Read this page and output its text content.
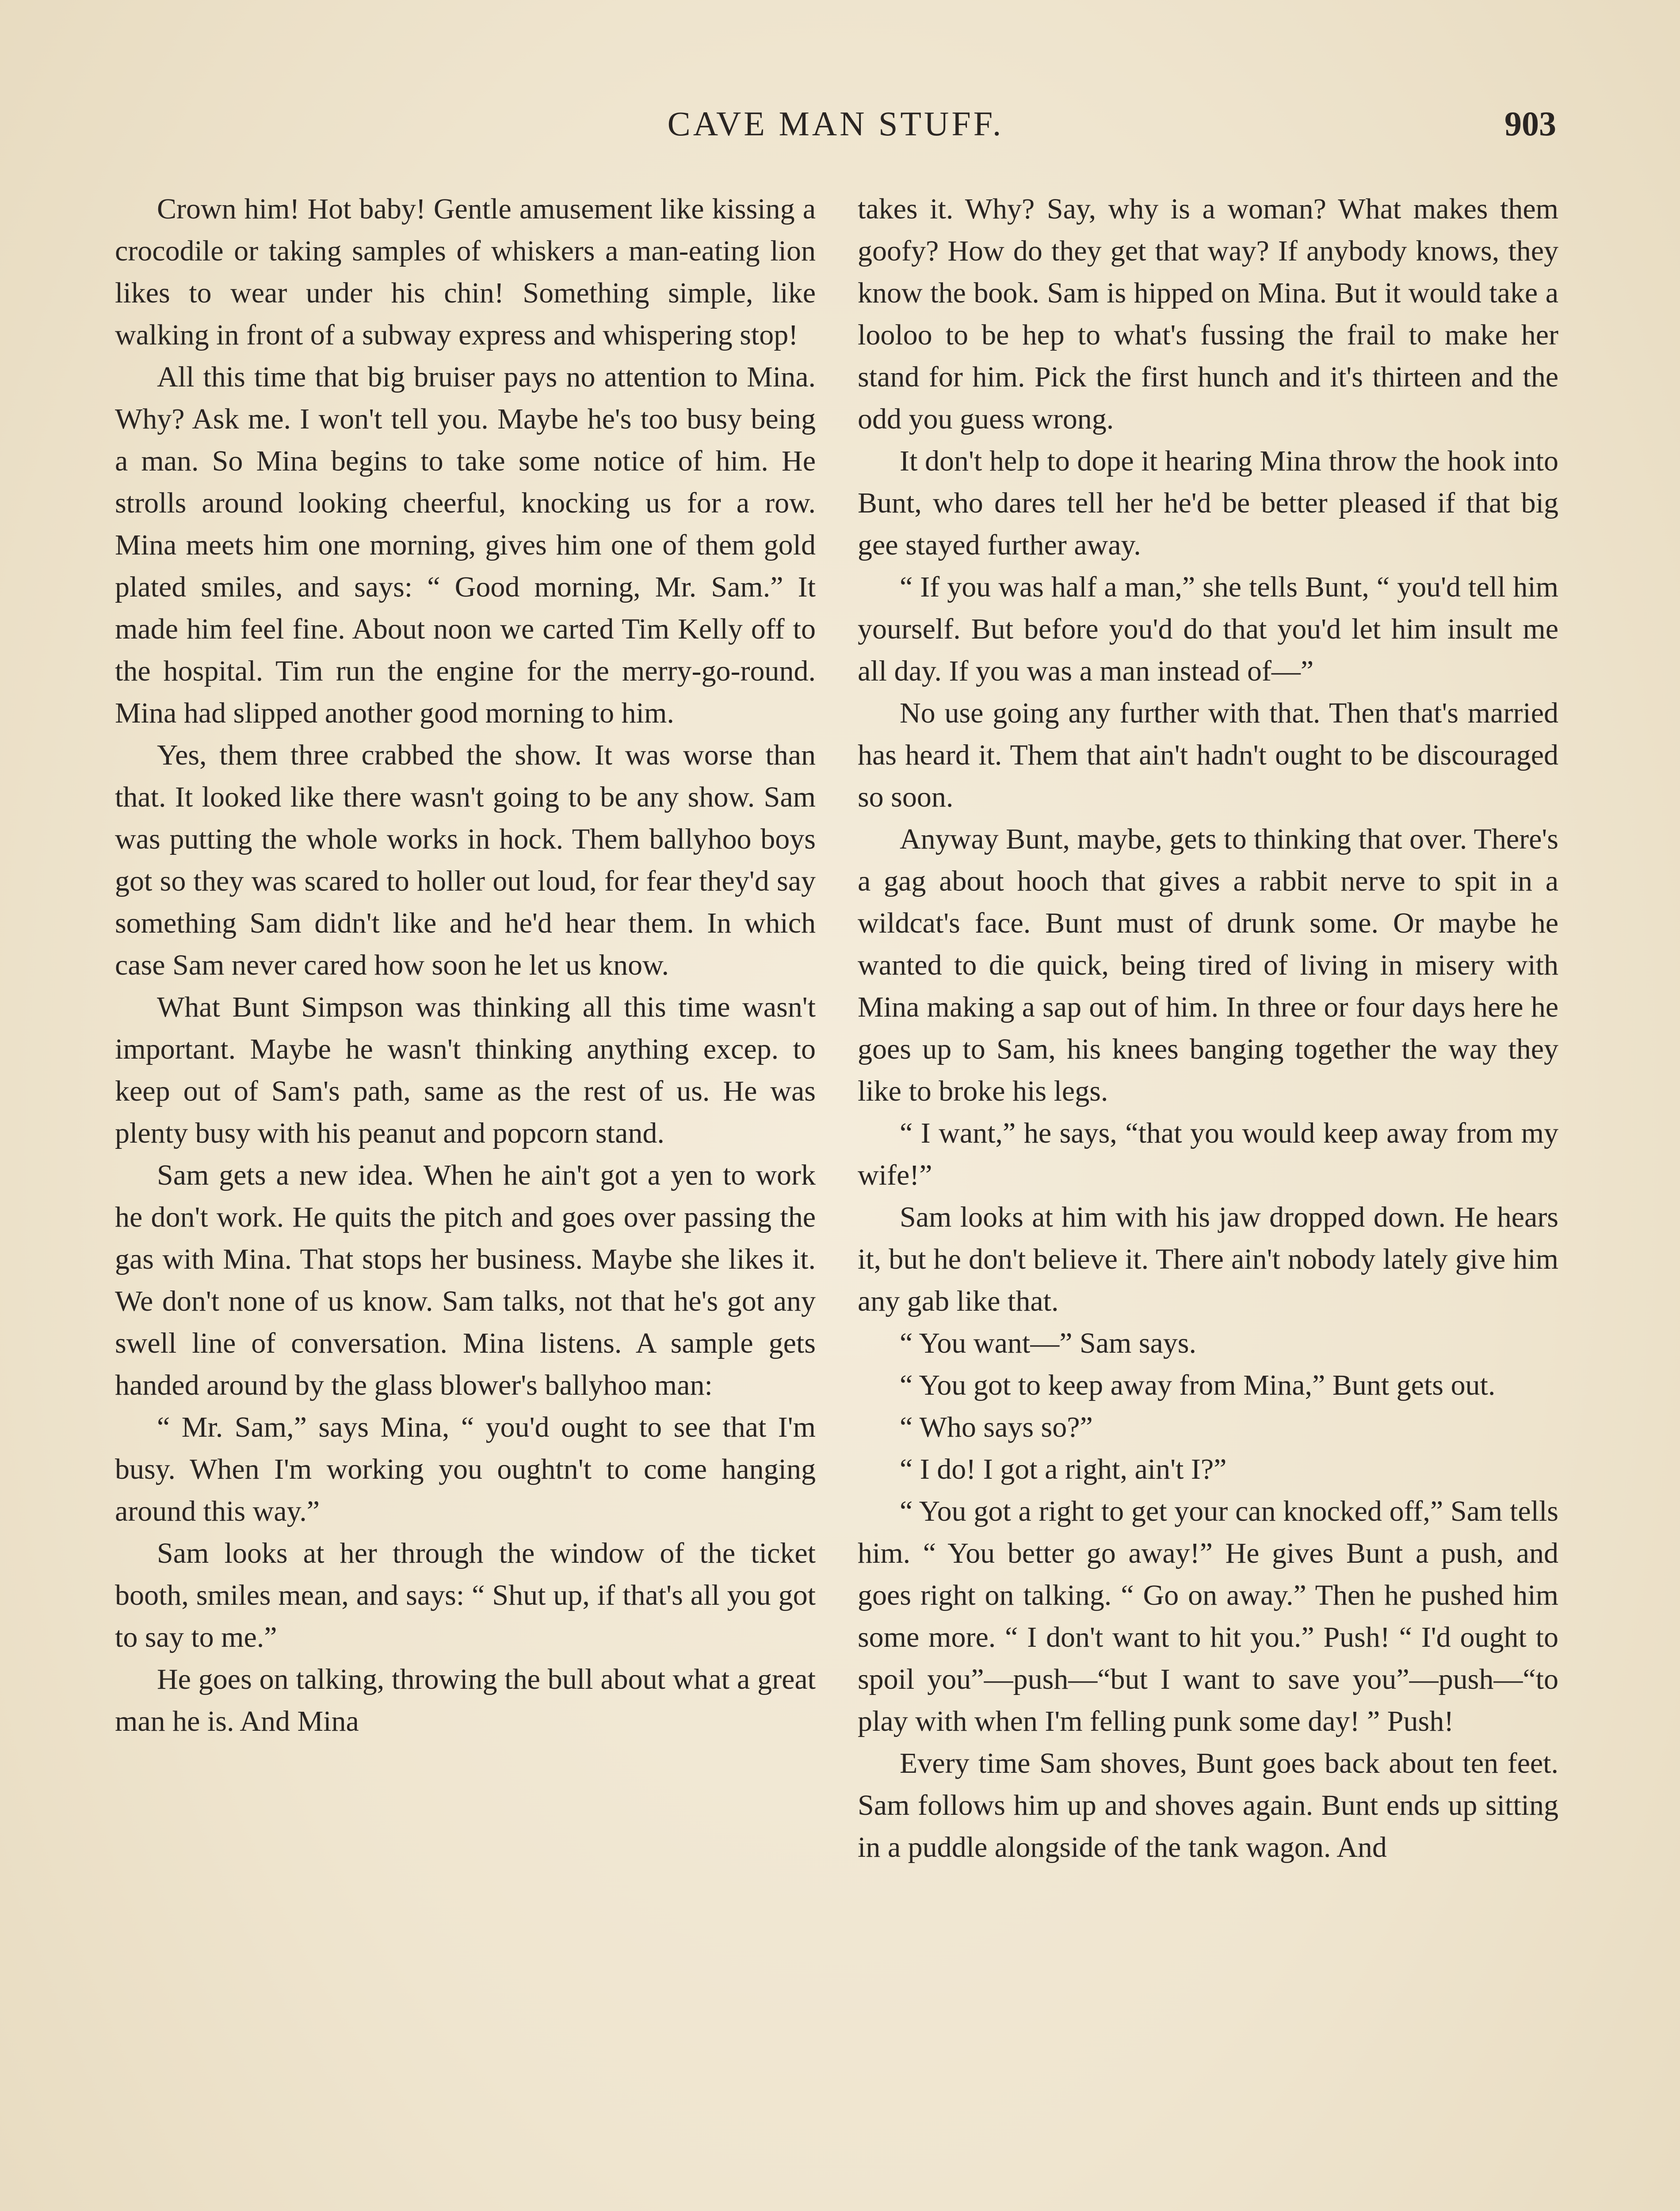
CAVE MAN STUFF.	903

Crown him! Hot baby! Gentle amusement like kissing a crocodile or taking samples of whiskers a man-eating lion likes to wear under his chin! Something simple, like walking in front of a subway express and whispering stop!

All this time that big bruiser pays no attention to Mina. Why? Ask me. I won't tell you. Maybe he's too busy being a man. So Mina begins to take some notice of him. He strolls around looking cheerful, knocking us for a row. Mina meets him one morning, gives him one of them gold plated smiles, and says: “ Good morning, Mr. Sam.” It made him feel fine. About noon we carted Tim Kelly off to the hospital. Tim run the engine for the merry-go-round. Mina had slipped another good morning to him.

Yes, them three crabbed the show. It was worse than that. It looked like there wasn't going to be any show. Sam was putting the whole works in hock. Them ballyhoo boys got so they was scared to holler out loud, for fear they'd say something Sam didn't like and he'd hear them. In which case Sam never cared how soon he let us know.

What Bunt Simpson was thinking all this time wasn't important. Maybe he wasn't thinking anything excep. to keep out of Sam's path, same as the rest of us. He was plenty busy with his peanut and popcorn stand.

Sam gets a new idea. When he ain't got a yen to work he don't work. He quits the pitch and goes over passing the gas with Mina. That stops her business. Maybe she likes it. We don't none of us know. Sam talks, not that he's got any swell line of conversation. Mina listens. A sample gets handed around by the glass blower's ballyhoo man:

“ Mr. Sam,” says Mina, “ you'd ought to see that I'm busy. When I'm working you oughtn't to come hanging around this way.”

Sam looks at her through the window of the ticket booth, smiles mean, and says: “ Shut up, if that's all you got to say to me.”

He goes on talking, throwing the bull about what a great man he is. And Mina

takes it. Why? Say, why is a woman? What makes them goofy? How do they get that way? If anybody knows, they know the book. Sam is hipped on Mina. But it would take a looloo to be hep to what's fussing the frail to make her stand for him. Pick the first hunch and it's thirteen and the odd you guess wrong.

It don't help to dope it hearing Mina throw the hook into Bunt, who dares tell her he'd be better pleased if that big gee stayed further away.

“ If you was half a man,” she tells Bunt, “ you'd tell him yourself. But before you'd do that you'd let him insult me all day. If you was a man instead of—”

No use going any further with that. Then that's married has heard it. Them that ain't hadn't ought to be discouraged so soon.

Anyway Bunt, maybe, gets to thinking that over. There's a gag about hooch that gives a rabbit nerve to spit in a wildcat's face. Bunt must of drunk some. Or maybe he wanted to die quick, being tired of living in misery with Mina making a sap out of him. In three or four days here he goes up to Sam, his knees banging together the way they like to broke his legs.

“ I want,” he says, “that you would keep away from my wife!”

Sam looks at him with his jaw dropped down. He hears it, but he don't believe it. There ain't nobody lately give him any gab like that.

“ You want—” Sam says.

“ You got to keep away from Mina,” Bunt gets out.

“ Who says so?”

“ I do! I got a right, ain't I?”

“ You got a right to get your can knocked off,” Sam tells him. “ You better go away!” He gives Bunt a push, and goes right on talking. “ Go on away.” Then he pushed him some more. “ I don't want to hit you.” Push! “ I'd ought to spoil you”—push—“but I want to save you”—push—“to play with when I'm felling punk some day! ” Push!

Every time Sam shoves, Bunt goes back about ten feet. Sam follows him up and shoves again. Bunt ends up sitting in a puddle alongside of the tank wagon. And
